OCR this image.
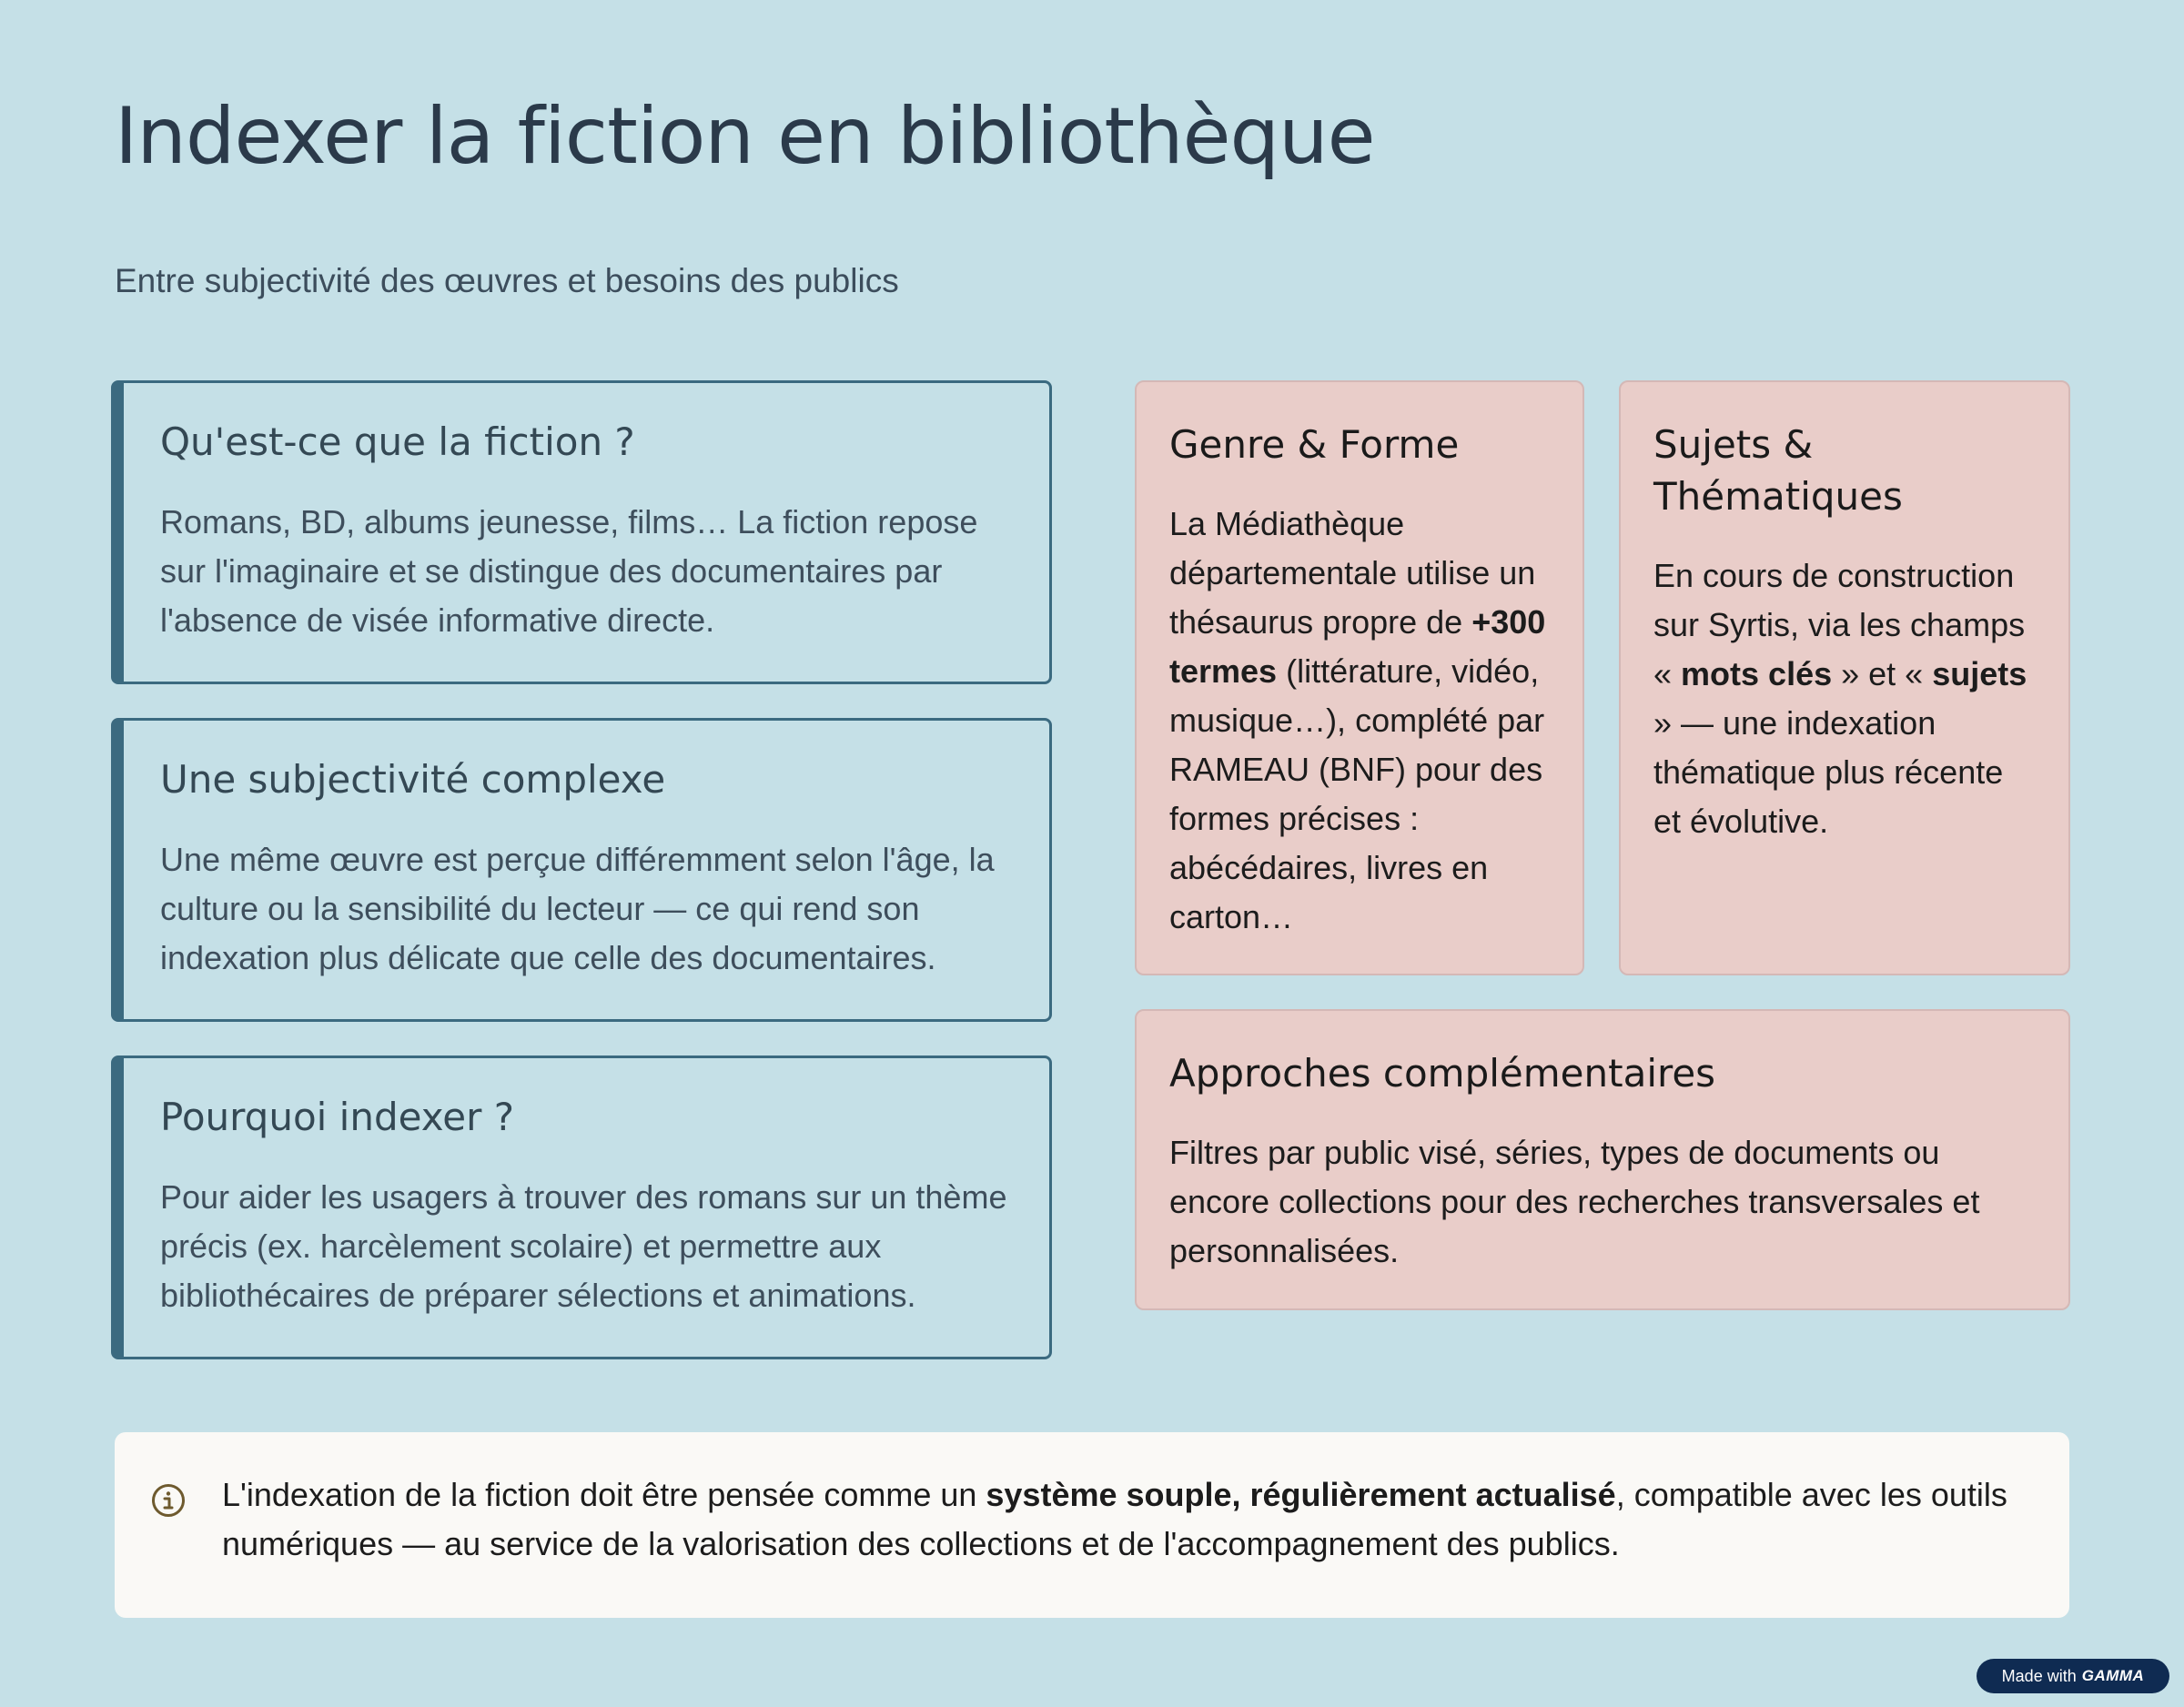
Indexer la fiction en bibliothèque

Entre subjectivité des œuvres et besoins des publics

Qu'est-ce que la fiction ?

Romans, BD, albums jeunesse, films… La fiction repose sur l'imaginaire et se distingue des documentaires par l'absence de visée informative directe.

Une subjectivité complexe

Une même œuvre est perçue différemment selon l'âge, la culture ou la sensibilité du lecteur — ce qui rend son indexation plus délicate que celle des documentaires.

Pourquoi indexer ?

Pour aider les usagers à trouver des romans sur un thème précis (ex. harcèlement scolaire) et permettre aux bibliothécaires de préparer sélections et animations.

Genre & Forme

La Médiathèque départementale utilise un thésaurus propre de +300 termes (littérature, vidéo, musique…), complété par RAMEAU (BNF) pour des formes précises : abécédaires, livres en carton…

Sujets & Thématiques

En cours de construction sur Syrtis, via les champs « mots clés » et « sujets » — une indexation thématique plus récente et évolutive.

Approches complémentaires

Filtres par public visé, séries, types de documents ou encore collections pour des recherches transversales et personnalisées.

L'indexation de la fiction doit être pensée comme un système souple, régulièrement actualisé, compatible avec les outils numériques — au service de la valorisation des collections et de l'accompagnement des publics.

Made with GAMMA
